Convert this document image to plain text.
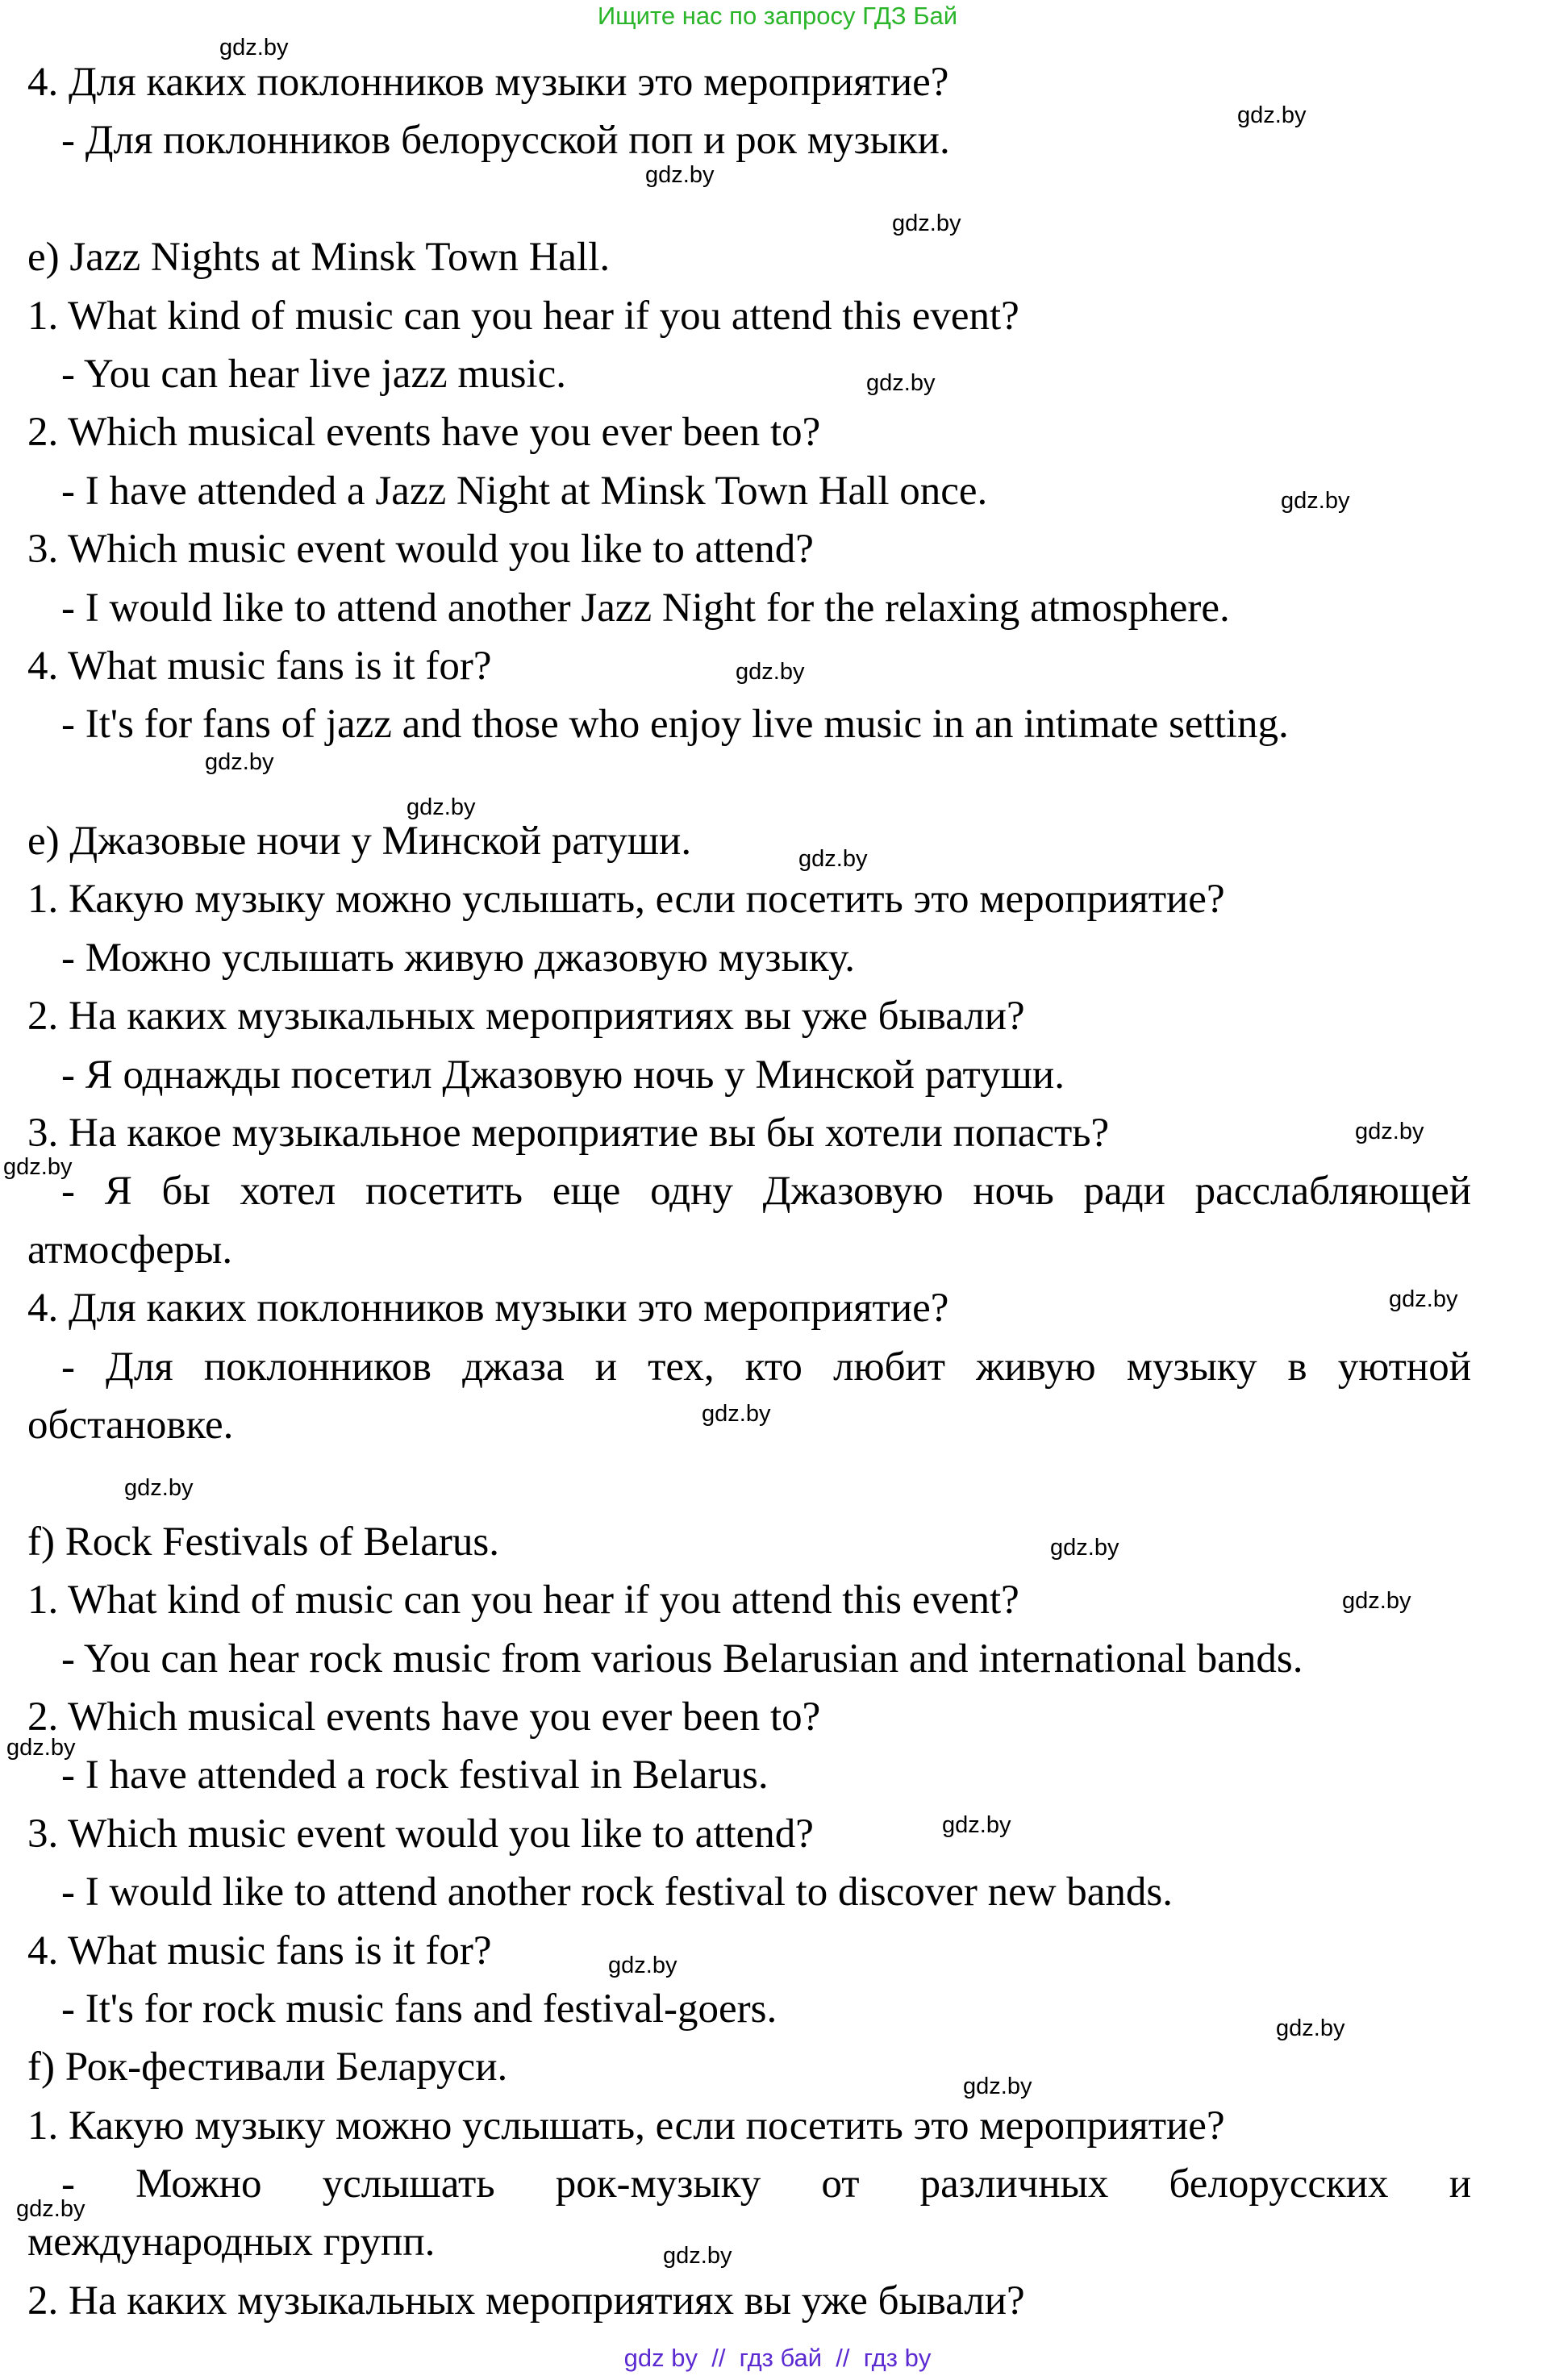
Ищите нас по запросу ГДЗ Бай
4. Для каких поклонников музыки это мероприятие?
- Для поклонников белорусской поп и рок музыки.
e) Jazz Nights at Minsk Town Hall.
1. What kind of music can you hear if you attend this event?
- You can hear live jazz music.
2. Which musical events have you ever been to?
- I have attended a Jazz Night at Minsk Town Hall once.
3. Which music event would you like to attend?
- I would like to attend another Jazz Night for the relaxing atmosphere.
4. What music fans is it for?
- It's for fans of jazz and those who enjoy live music in an intimate setting.
e) Джазовые ночи у Минской ратуши.
1. Какую музыку можно услышать, если посетить это мероприятие?
- Можно услышать живую джазовую музыку.
2. На каких музыкальных мероприятиях вы уже бывали?
- Я однажды посетил Джазовую ночь у Минской ратуши.
3. На какое музыкальное мероприятие вы бы хотели попасть?
- Я бы хотел посетить еще одну Джазовую ночь ради расслабляющей
атмосферы.
4. Для каких поклонников музыки это мероприятие?
- Для поклонников джаза и тех, кто любит живую музыку в уютной
обстановке.
f) Rock Festivals of Belarus.
1. What kind of music can you hear if you attend this event?
- You can hear rock music from various Belarusian and international bands.
2. Which musical events have you ever been to?
- I have attended a rock festival in Belarus.
3. Which music event would you like to attend?
- I would like to attend another rock festival to discover new bands.
4. What music fans is it for?
- It's for rock music fans and festival-goers.
f) Рок-фестивали Беларуси.
1. Какую музыку можно услышать, если посетить это мероприятие?
- Можно услышать рок-музыку от различных белорусских и
международных групп.
2. На каких музыкальных мероприятиях вы уже бывали?
gdz.by
gdz.by
gdz.by
gdz.by
gdz.by
gdz.by
gdz.by
gdz.by
gdz.by
gdz.by
gdz.by
gdz.by
gdz.by
gdz.by
gdz.by
gdz.by
gdz.by
gdz.by
gdz.by
gdz.by
gdz.by
gdz.by
gdz.by
gdz.by
gdz by  //  гдз бай  //  гдз by
